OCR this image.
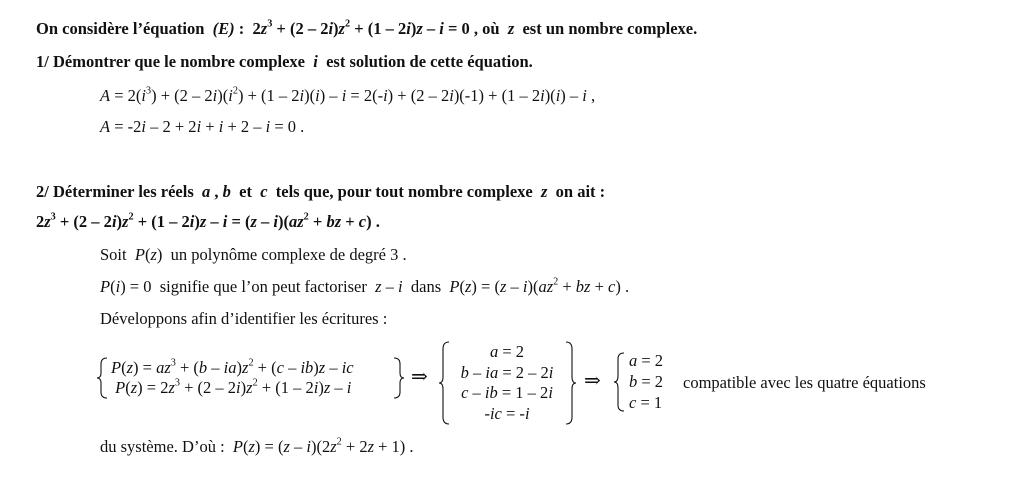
On considère l’équation (E) : $2z^3 + (2 - 2i)z^2 + (1 - 2i)z - i = 0$ , où z est un nombre complexe.
1/ Démontrer que le nombre complexe i est solution de cette équation.
$A = 2(i^3) + (2 - 2i)(i^2) + (1 - 2i)(i) - i = 2(-i) + (2 - 2i)(-1) + (1 - 2i)(i) - i$ ,
A = -2i – 2 + 2i + i + 2 – i = 0 .
2/ Déterminer les réels a , b  et  c tels que, pour tout nombre complexe z on ait :
$2z^3 + (2 - 2i)z^2 + (1 - 2i)z - i = (z - i)(az^2$ + bz + c) .
Soit P(z)  un polynôme complexe de degré 3 .
P(i) = 0  signifie que l’on peut factoriser z – i dans $P(z) = (z - i)(az^2$ + bz + c) .
Développons afin d’identifier les écritures :
$P(z) = az^3 + (b - ia)z^2 + (c - ib)z$ – ic
$P(z) = 2z^3 + (2 - 2i)z^2 + (1 - 2i)z - i$	⇒
a = 2
b – ia = 2 – 2i
c – ib = 1 – 2i
-ic = -i
⇒
a = 2
b = 2
c = 1
compatible avec les quatre équations
du système. D’où : $P(z) = (z - i)(2z^2 + 2z + 1)$ .
